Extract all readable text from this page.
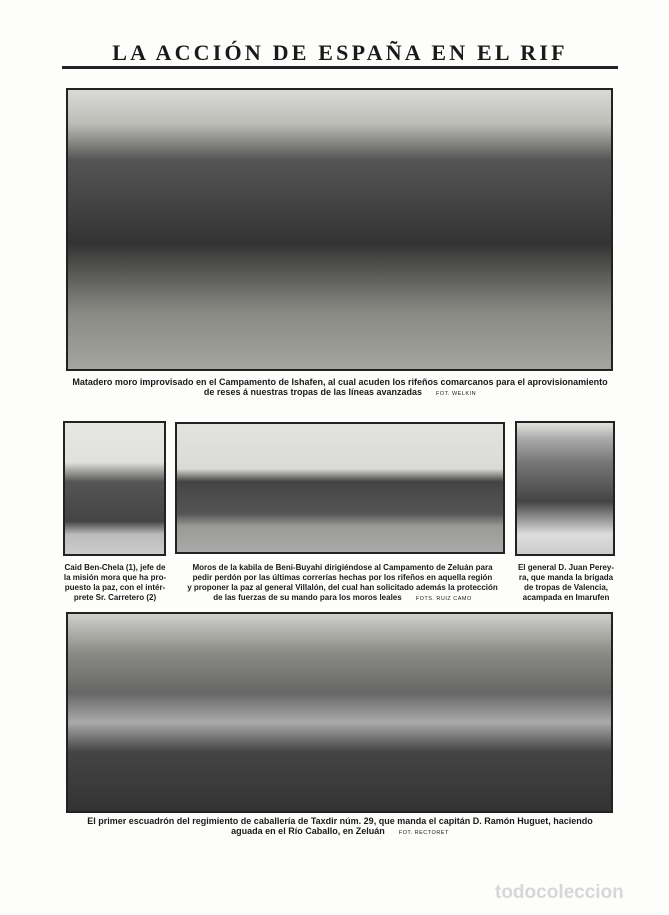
LA ACCIÓN DE ESPAÑA EN EL RIF
Matadero moro improvisado en el Campamento de Ishafen, al cual acuden los rifeños comarcanos para el aprovisionamiento
de reses á nuestras tropas de las líneas avanzadas	FOT. WELKIN
Caid Ben-Chela (1), jefe de
la misión mora que ha pro-
puesto la paz, con el intér-
prete Sr. Carretero (2)
Moros de la kabila de Beni-Buyahi dirigiéndose al Campamento de Zeluán para
pedir perdón por las últimas correrías hechas por los rifeños en aquella región
y proponer la paz al general Villalón, del cual han solicitado además la protección
de las fuerzas de su mando para los moros leales	FOTS. RUIZ CAMO
El general D. Juan Perey-
ra, que manda la brigada
de tropas de Valencia,
acampada en Imarufen
El primer escuadrón del regimiento de caballería de Taxdir núm. 29, que manda el capitán D. Ramón Huguet, haciendo
aguada en el Río Caballo, en Zeluán	FOT. RECTORET
todocoleccion
